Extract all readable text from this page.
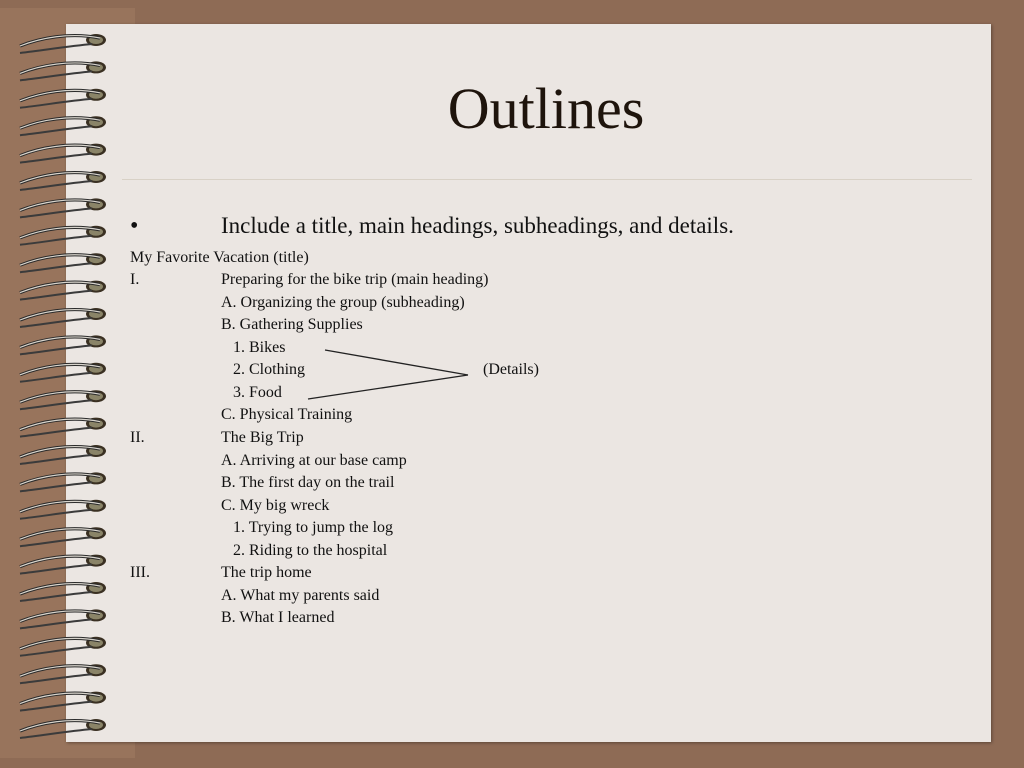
Outlines
•	Include a title, main headings, subheadings, and details.
My Favorite Vacation (title)
I.	Preparing for the bike trip (main heading)
A. Organizing the group (subheading)
B. Gathering Supplies
1. Bikes
2. Clothing
3. Food
C. Physical Training
II.	The Big Trip
A. Arriving at our base camp
B. The first day on the trail
C. My big wreck
1. Trying to jump the log
2. Riding to the hospital
III.	The trip home
A. What my parents said
B. What I learned
(Details)
